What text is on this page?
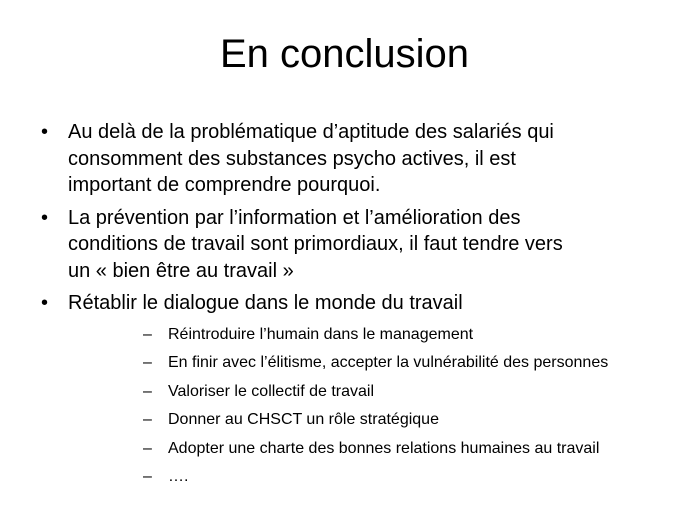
En conclusion
• Au delà de la problématique d’aptitude des salariés qui
consomment des substances psycho actives, il est
important de comprendre pourquoi.
• La prévention par l’information et l’amélioration des
conditions de travail sont primordiaux, il faut tendre vers
un « bien être au travail »
• Rétablir le dialogue dans le monde du travail
– Réintroduire l’humain dans le management
– En finir avec l’élitisme, accepter la vulnérabilité des personnes
– Valoriser le collectif de travail
– Donner au CHSCT un rôle stratégique
– Adopter une charte des bonnes relations humaines au travail
– ….
